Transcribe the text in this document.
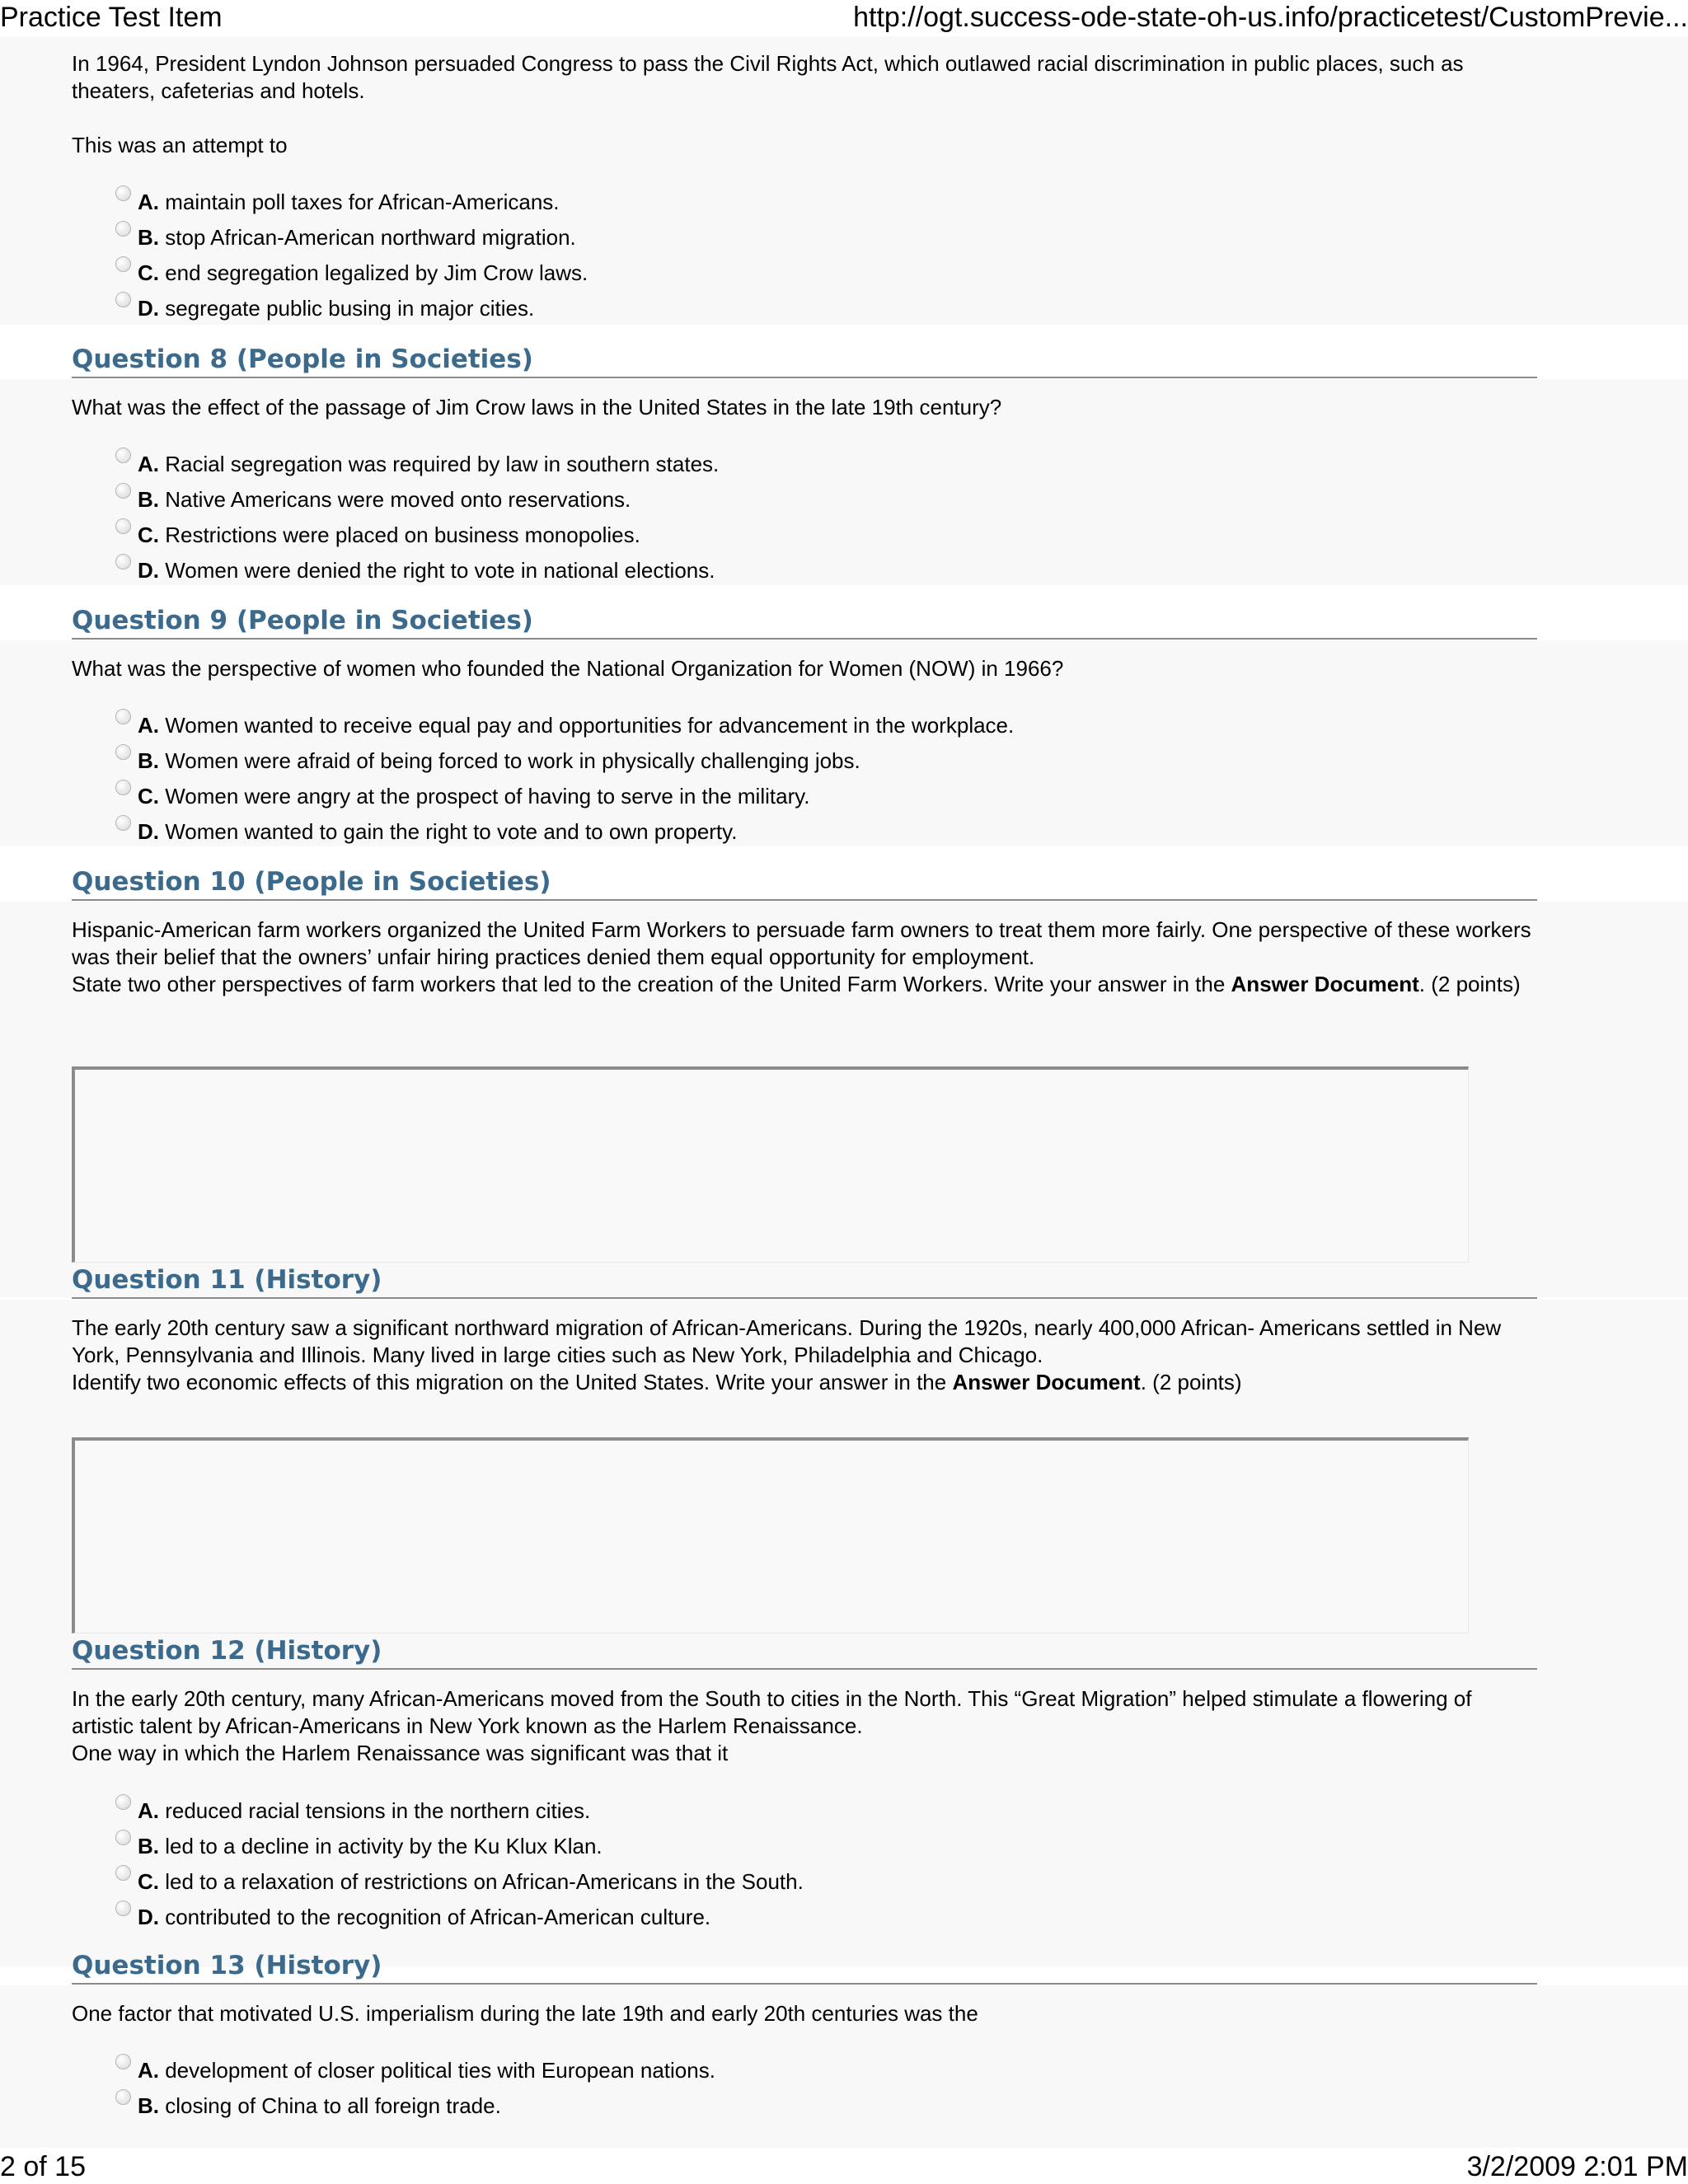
Practice Test Item	http://ogt.success-ode-state-oh-us.info/practicetest/CustomPrevie...
In 1964, President Lyndon Johnson persuaded Congress to pass the Civil Rights Act, which outlawed racial discrimination in public places, such as theaters, cafeterias and hotels.
This was an attempt to
A. maintain poll taxes for African-Americans.
B. stop African-American northward migration.
C. end segregation legalized by Jim Crow laws.
D. segregate public busing in major cities.
Question 8 (People in Societies)
What was the effect of the passage of Jim Crow laws in the United States in the late 19th century?
A. Racial segregation was required by law in southern states.
B. Native Americans were moved onto reservations.
C. Restrictions were placed on business monopolies.
D. Women were denied the right to vote in national elections.
Question 9 (People in Societies)
What was the perspective of women who founded the National Organization for Women (NOW) in 1966?
A. Women wanted to receive equal pay and opportunities for advancement in the workplace.
B. Women were afraid of being forced to work in physically challenging jobs.
C. Women were angry at the prospect of having to serve in the military.
D. Women wanted to gain the right to vote and to own property.
Question 10 (People in Societies)
Hispanic-American farm workers organized the United Farm Workers to persuade farm owners to treat them more fairly. One perspective of these workers was their belief that the owners’ unfair hiring practices denied them equal opportunity for employment.
State two other perspectives of farm workers that led to the creation of the United Farm Workers. Write your answer in the Answer Document. (2 points)
Question 11 (History)
The early 20th century saw a significant northward migration of African-Americans. During the 1920s, nearly 400,000 African- Americans settled in New York, Pennsylvania and Illinois. Many lived in large cities such as New York, Philadelphia and Chicago.
Identify two economic effects of this migration on the United States. Write your answer in the Answer Document. (2 points)
Question 12 (History)
In the early 20th century, many African-Americans moved from the South to cities in the North. This “Great Migration” helped stimulate a flowering of artistic talent by African-Americans in New York known as the Harlem Renaissance.
One way in which the Harlem Renaissance was significant was that it
A. reduced racial tensions in the northern cities.
B. led to a decline in activity by the Ku Klux Klan.
C. led to a relaxation of restrictions on African-Americans in the South.
D. contributed to the recognition of African-American culture.
Question 13 (History)
One factor that motivated U.S. imperialism during the late 19th and early 20th centuries was the
A. development of closer political ties with European nations.
B. closing of China to all foreign trade.
2 of 15	3/2/2009 2:01 PM
